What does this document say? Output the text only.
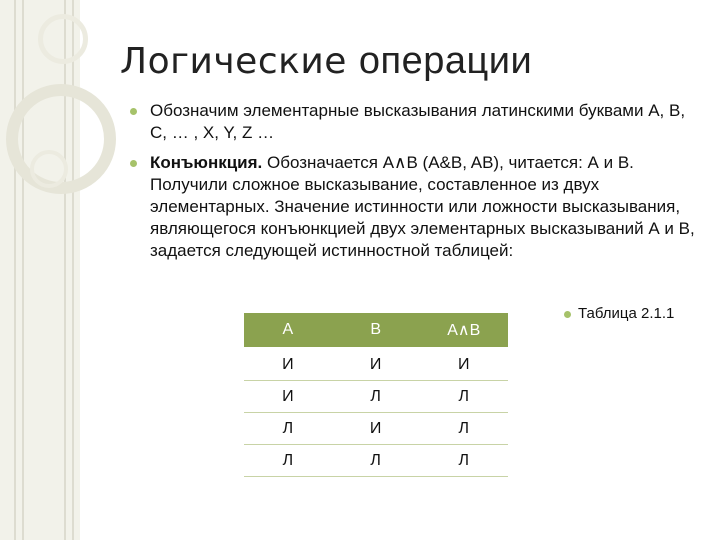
Логические операции
Обозначим элементарные высказывания латинскими буквами A, B, C, … , X, Y, Z …
Конъюнкция. Обозначается A∧B (A&B, AB), читается: А и В. Получили сложное высказывание, составленное из двух элементарных. Значение истинности или ложности высказывания, являющегося конъюнкцией двух элементарных высказываний А и В, задается следующей истинностной таблицей:
A	B	A∧B
И	И	И
И	Л	Л
Л	И	Л
Л	Л	Л
Таблица 2.1.1
